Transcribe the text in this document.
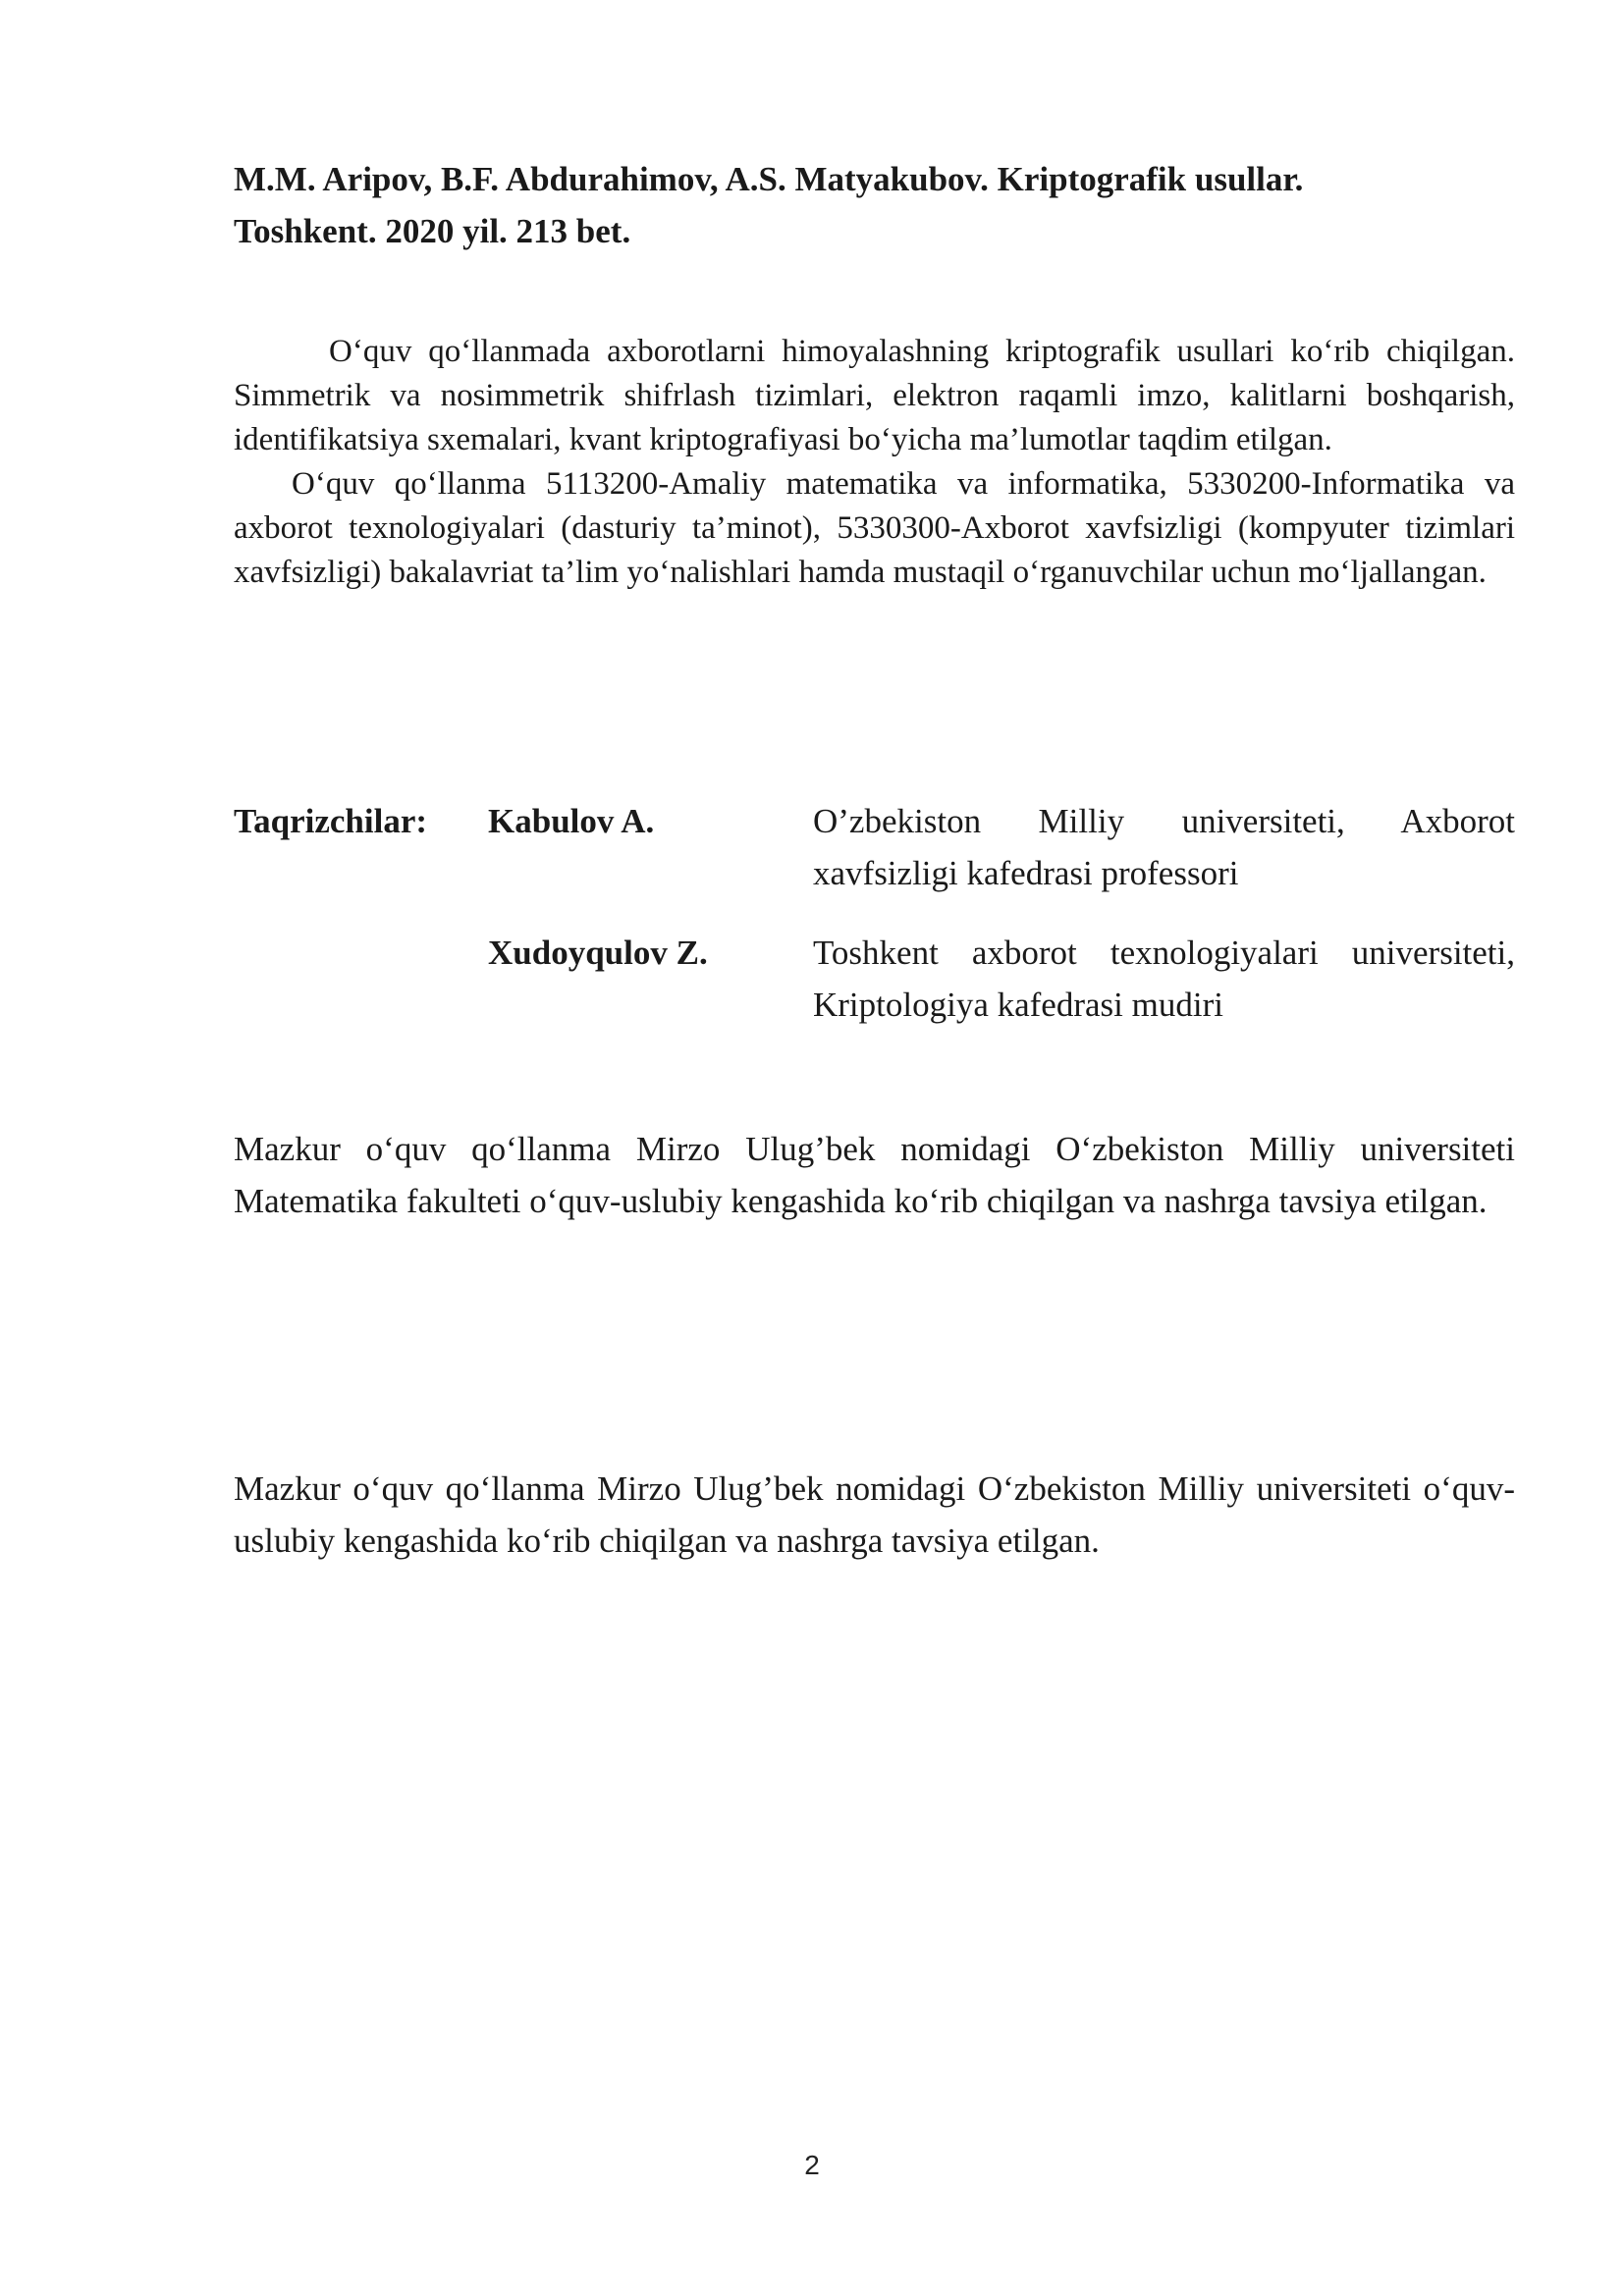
M.M. Aripov, B.F. Abdurahimov, A.S. Matyakubov. Kriptografik usullar.

Toshkent. 2020 yil. 213 bet.

O‘quv qo‘llanmada axborotlarni himoyalashning kriptografik usullari ko‘rib chiqilgan. Simmetrik va nosimmetrik shifrlash tizimlari, elektron raqamli imzo, kalitlarni boshqarish, identifikatsiya sxemalari, kvant kriptografiyasi bo‘yicha ma’lumotlar taqdim etilgan.

O‘quv qo‘llanma 5113200-Amaliy matematika va informatika, 5330200-Informatika va axborot texnologiyalari (dasturiy ta’minot), 5330300-Axborot xavfsizligi (kompyuter tizimlari xavfsizligi) bakalavriat ta’lim yo‘nalishlari hamda mustaqil o‘rganuvchilar uchun mo‘ljallangan.

Taqrizchilar: Kabulov A.	O’zbekiston Milliy universiteti, Axborot xavfsizligi kafedrasi professori
Xudoyqulov Z.	Toshkent axborot texnologiyalari universiteti, Kriptologiya kafedrasi mudiri

Mazkur o‘quv qo‘llanma Mirzo Ulug’bek nomidagi O‘zbekiston Milliy universiteti Matematika fakulteti o‘quv-uslubiy kengashida ko‘rib chiqilgan va nashrga tavsiya etilgan.

Mazkur o‘quv qo‘llanma Mirzo Ulug’bek nomidagi O‘zbekiston Milliy universiteti o‘quv-uslubiy kengashida ko‘rib chiqilgan va nashrga tavsiya etilgan.

2
